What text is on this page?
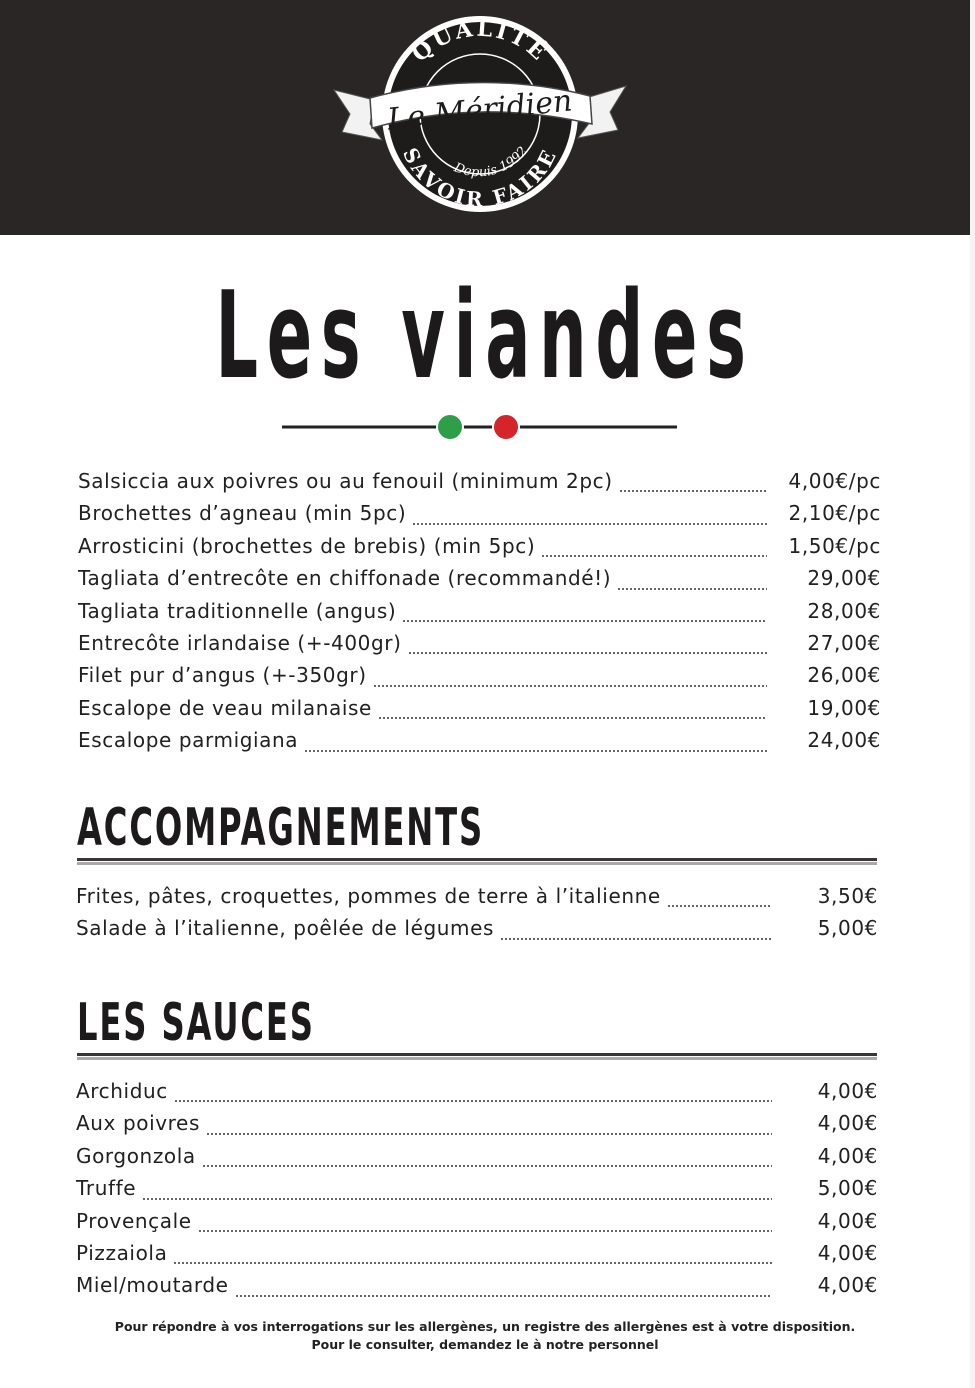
QUALITÉ
SAVOIR FAIRE
Le Méridien
Depuis 1992
Les viandes
Salsiccia aux poivres ou au fenouil (minimum 2pc)	4,00€/pc
Brochettes d’agneau (min 5pc)	2,10€/pc
Arrosticini (brochettes de brebis) (min 5pc)	1,50€/pc
Tagliata d’entrecôte en chiffonade (recommandé!)	29,00€
Tagliata traditionnelle (angus)	28,00€
Entrecôte irlandaise (+-400gr)	27,00€
Filet pur d’angus (+-350gr)	26,00€
Escalope de veau milanaise	19,00€
Escalope parmigiana	24,00€
ACCOMPAGNEMENTS
Frites, pâtes, croquettes, pommes de terre à l’italienne	3,50€
Salade à l’italienne, poêlée de légumes	5,00€
LES SAUCES
Archiduc	4,00€
Aux poivres	4,00€
Gorgonzola	4,00€
Truffe	5,00€
Provençale	4,00€
Pizzaiola	4,00€
Miel/moutarde	4,00€
Pour répondre à vos interrogations sur les allergènes, un registre des allergènes est à votre disposition.
Pour le consulter, demandez le à notre personnel
